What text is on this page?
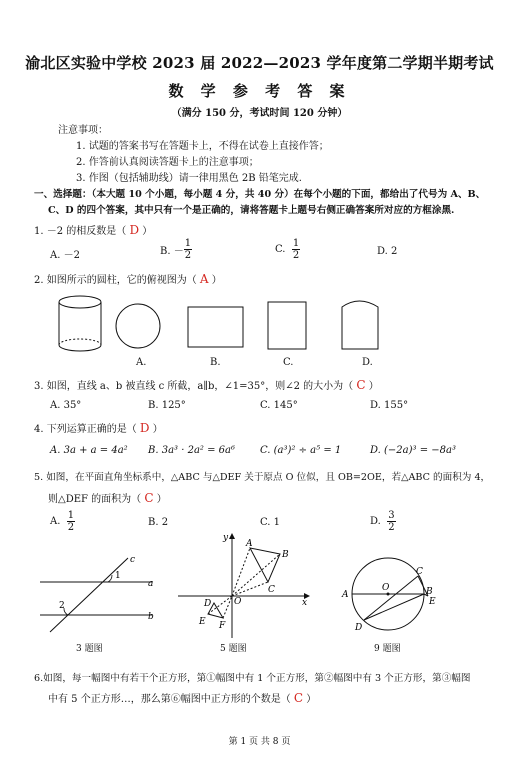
渝北区实验中学校 2023 届 2022—2023 学年度第二学期半期考试
数 学 参 考 答 案
（满分 150 分，考试时间 120 分钟）
注意事项：
1. 试题的答案书写在答题卡上，不得在试卷上直接作答；
2. 作答前认真阅读答题卡上的注意事项；
3. 作图（包括辅助线）请一律用黑色 2B 铅笔完成.
一、选择题：（本大题 10 个小题，每小题 4 分，共 40 分）在每个小题的下面，都给出了代号为 A、B、
C、D 的四个答案，其中只有一个是正确的，请将答题卡上题号右侧正确答案所对应的方框涂黑.
1. －2 的相反数是（ D ）
A. －2	B. － $\frac{1}{2}$	C. $\frac{1}{2}$	D. 2
2. 如图所示的圆柱，它的俯视图为（ A ）
A.	B.	C.	D.
3. 如图，直线 a、b 被直线 c 所截，a∥b，∠1=35°，则∠2 的大小为（ C ）
A. 35°	B. 125°	C. 145°	D. 155°
4. 下列运算正确的是（ D ）
A. 3a + a = 4a² B. 3a³ · 2a² = 6a⁶	C. (a³)² ÷ a⁵ = 1	D. (−2a)³ = −8a³
5. 如图，在平面直角坐标系中，△ABC 与△DEF 关于原点 O 位似，且 OB=2OE，若△ABC 的面积为 4，
则△DEF 的面积为（ C ）
A. $\frac{1}{2}$	B. 2	C. 1	D. $\frac{3}{2}$
c
a
b
1
2
3 题图
y
x
O
A
B
C
D
E F
5 题图
A	B
C
D
E
O
9 题图
6.如图，每一幅图中有若干个正方形，第①幅图中有 1 个正方形，第②幅图中有 3 个正方形，第③幅图
中有 5 个正方形…，那么第⑥幅图中正方形的个数是（ C ）
第 1 页 共 8 页
